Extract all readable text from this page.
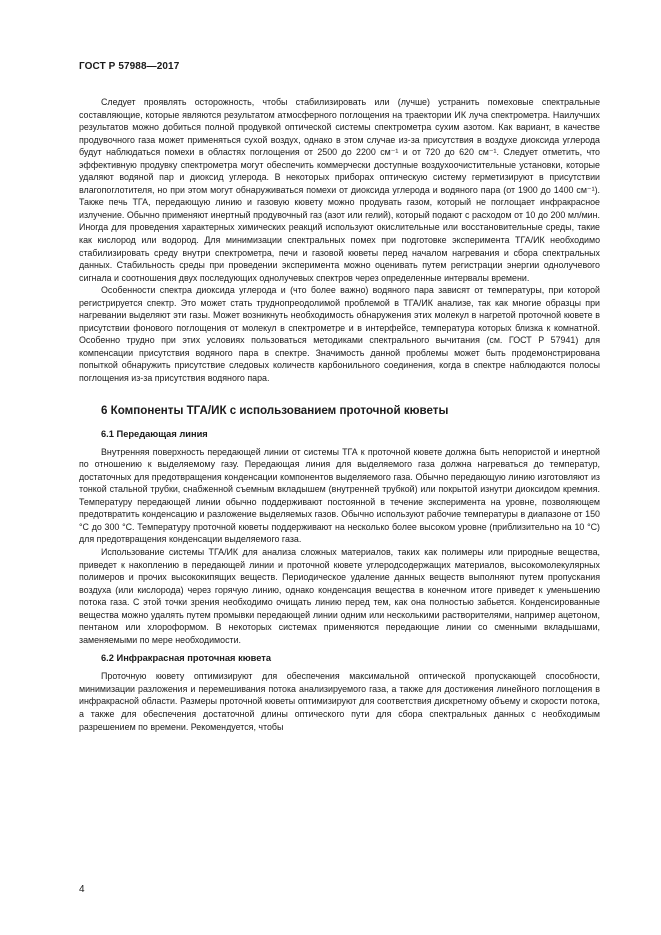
ГОСТ Р 57988—2017

Следует проявлять осторожность, чтобы стабилизировать или (лучше) устранить помеховые спектральные составляющие, которые являются результатом атмосферного поглощения на траектории ИК луча спектрометра. Наилучших результатов можно добиться полной продувкой оптической системы спектрометра сухим азотом. Как вариант, в качестве продувочного газа может применяться сухой воздух, однако в этом случае из-за присутствия в воздухе диоксида углерода будут наблюдаться помехи в областях поглощения от 2500 до 2200 см⁻¹ и от 720 до 620 см⁻¹. Следует отметить, что эффективную продувку спектрометра могут обеспечить коммерчески доступные воздухоочистительные установки, которые удаляют водяной пар и диоксид углерода. В некоторых приборах оптическую систему герметизируют в присутствии влагопоглотителя, но при этом могут обнаруживаться помехи от диоксида углерода и водяного пара (от 1900 до 1400 см⁻¹). Также печь ТГА, передающую линию и газовую кювету можно продувать газом, который не поглощает инфракрасное излучение. Обычно применяют инертный продувочный газ (азот или гелий), который подают с расходом от 10 до 200 мл/мин. Иногда для проведения характерных химических реакций используют окислительные или восстановительные среды, такие как кислород или водород. Для минимизации спектральных помех при подготовке эксперимента ТГА/ИК необходимо стабилизировать среду внутри спектрометра, печи и газовой кюветы перед началом нагревания и сбора спектральных данных. Стабильность среды при проведении эксперимента можно оценивать путем регистрации энергии однолучевого сигнала и соотношения двух последующих однолучевых спектров через определенные интервалы времени.

Особенности спектра диоксида углерода и (что более важно) водяного пара зависят от температуры, при которой регистрируется спектр. Это может стать труднопреодолимой проблемой в ТГА/ИК анализе, так как многие образцы при нагревании выделяют эти газы. Может возникнуть необходимость обнаружения этих молекул в нагретой проточной кювете в присутствии фонового поглощения от молекул в спектрометре и в интерфейсе, температура которых близка к комнатной. Особенно трудно при этих условиях пользоваться методиками спектрального вычитания (см. ГОСТ Р 57941) для компенсации присутствия водяного пара в спектре. Значимость данной проблемы может быть продемонстрирована попыткой обнаружить присутствие следовых количеств карбонильного соединения, когда в спектре наблюдаются полосы поглощения из-за присутствия водяного пара.

6 Компоненты ТГА/ИК с использованием проточной кюветы
6.1 Передающая линия

Внутренняя поверхность передающей линии от системы ТГА к проточной кювете должна быть непористой и инертной по отношению к выделяемому газу. Передающая линия для выделяемого газа должна нагреваться до температур, достаточных для предотвращения конденсации компонентов выделяемого газа. Обычно передающую линию изготовляют из тонкой стальной трубки, снабженной съемным вкладышем (внутренней трубкой) или покрытой изнутри диоксидом кремния. Температуру передающей линии обычно поддерживают постоянной в течение эксперимента на уровне, позволяющем предотвратить конденсацию и разложение выделяемых газов. Обычно используют рабочие температуры в диапазоне от 150 °С до 300 °С. Температуру проточной кюветы поддерживают на несколько более высоком уровне (приблизительно на 10 °С) для предотвращения конденсации выделяемого газа.

Использование системы ТГА/ИК для анализа сложных материалов, таких как полимеры или природные вещества, приведет к накоплению в передающей линии и проточной кювете углеродсодержащих материалов, высокомолекулярных полимеров и прочих высококипящих веществ. Периодическое удаление данных веществ выполняют путем пропускания воздуха (или кислорода) через горячую линию, однако конденсация вещества в конечном итоге приведет к уменьшению потока газа. С этой точки зрения необходимо очищать линию перед тем, как она полностью забьется. Конденсированные вещества можно удалять путем промывки передающей линии одним или несколькими растворителями, например ацетоном, пентаном или хлороформом. В некоторых системах применяются передающие линии со сменными вкладышами, заменяемыми по мере необходимости.

6.2 Инфракрасная проточная кювета

Проточную кювету оптимизируют для обеспечения максимальной оптической пропускающей способности, минимизации разложения и перемешивания потока анализируемого газа, а также для достижения линейного поглощения в инфракрасной области. Размеры проточной кюветы оптимизируют для соответствия дискретному объему и скорости потока, а также для обеспечения достаточной длины оптического пути для сбора спектральных данных с необходимым разрешением по времени. Рекомендуется, чтобы

4
